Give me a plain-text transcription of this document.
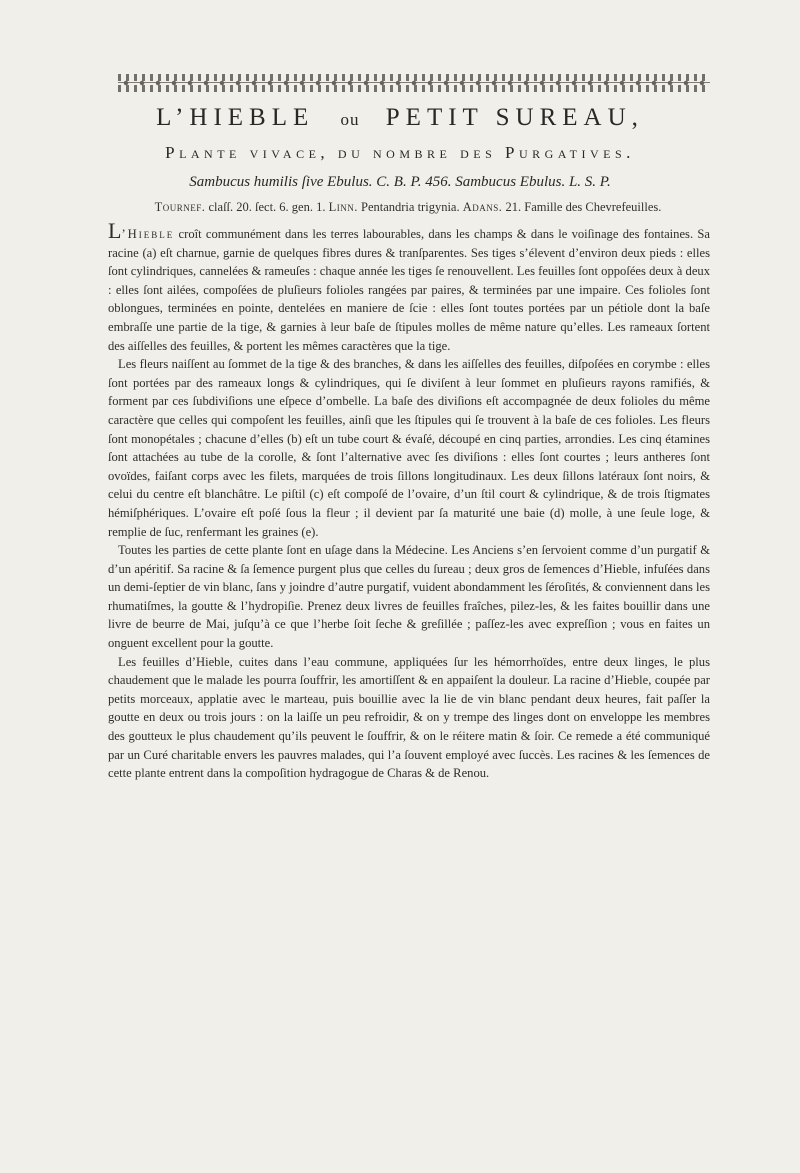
L’HIEBLE ou PETIT SUREAU,
Plante vivace, du nombre des Purgatives.
Sambucus humilis ſive Ebulus. C. B. P. 456. Sambucus Ebulus. L. S. P.
Tournef. claſſ. 20. ſect. 6. gen. 1. Linn. Pentandria trigynia. Adans. 21. Famille des Chevrefeuilles.

L’Hieble croît communément dans les terres labourables, dans les champs & dans le voiſinage des fontaines. Sa racine (a) eſt charnue, garnie de quelques fibres dures & tranſparentes. Ses tiges s’élevent d’environ deux pieds : elles ſont cylindriques, cannelées & rameuſes : chaque année les tiges ſe renouvellent. Les feuilles ſont oppoſées deux à deux : elles ſont ailées, compoſées de pluſieurs folioles rangées par paires, & terminées par une impaire. Ces folioles ſont oblongues, terminées en pointe, dentelées en maniere de ſcie : elles ſont toutes portées par un pétiole dont la baſe embraſſe une partie de la tige, & garnies à leur baſe de ſtipules molles de même nature qu’elles. Les rameaux ſortent des aiſſelles des feuilles, & portent les mêmes caractères que la tige.

Les fleurs naiſſent au ſommet de la tige & des branches, & dans les aiſſelles des feuilles, diſpoſées en corymbe : elles ſont portées par des rameaux longs & cylindriques, qui ſe diviſent à leur ſommet en pluſieurs rayons ramifiés, & forment par ces ſubdiviſions une eſpece d’ombelle. La baſe des diviſions eſt accompagnée de deux folioles du même caractère que celles qui compoſent les feuilles, ainſi que les ſtipules qui ſe trouvent à la baſe de ces folioles. Les fleurs ſont monopétales ; chacune d’elles (b) eſt un tube court & évaſé, découpé en cinq parties, arrondies. Les cinq étamines ſont attachées au tube de la corolle, & ſont l’alternative avec ſes diviſions : elles ſont courtes ; leurs antheres ſont ovoïdes, faiſant corps avec les filets, marquées de trois ſillons longitudinaux. Les deux ſillons latéraux ſont noirs, & celui du centre eſt blanchâtre. Le piſtil (c) eſt compoſé de l’ovaire, d’un ſtil court & cylindrique, & de trois ſtigmates hémiſphériques. L’ovaire eſt poſé ſous la fleur ; il devient par ſa maturité une baie (d) molle, à une ſeule loge, & remplie de ſuc, renfermant les graines (e).

Toutes les parties de cette plante ſont en uſage dans la Médecine. Les Anciens s’en ſervoient comme d’un purgatif & d’un apéritif. Sa racine & ſa ſemence purgent plus que celles du ſureau ; deux gros de ſemences d’Hieble, infuſées dans un demi-ſeptier de vin blanc, ſans y joindre d’autre purgatif, vuident abondamment les ſéroſités, & conviennent dans les rhumatiſmes, la goutte & l’hydropiſie. Prenez deux livres de feuilles fraîches, pilez-les, & les faites bouillir dans une livre de beurre de Mai, juſqu’à ce que l’herbe ſoit ſeche & greſillée ; paſſez-les avec expreſſion ; vous en faites un onguent excellent pour la goutte.

Les feuilles d’Hieble, cuites dans l’eau commune, appliquées ſur les hémorrhoïdes, entre deux linges, le plus chaudement que le malade les pourra ſouffrir, les amortiſſent & en appaiſent la douleur. La racine d’Hieble, coupée par petits morceaux, applatie avec le marteau, puis bouillie avec la lie de vin blanc pendant deux heures, fait paſſer la goutte en deux ou trois jours : on la laiſſe un peu refroidir, & on y trempe des linges dont on enveloppe les membres des goutteux le plus chaudement qu’ils peuvent le ſouffrir, & on le réitere matin & ſoir. Ce remede a été communiqué par un Curé charitable envers les pauvres malades, qui l’a ſouvent employé avec ſuccès. Les racines & les ſemences de cette plante entrent dans la compoſition hydragogue de Charas & de Renou.
